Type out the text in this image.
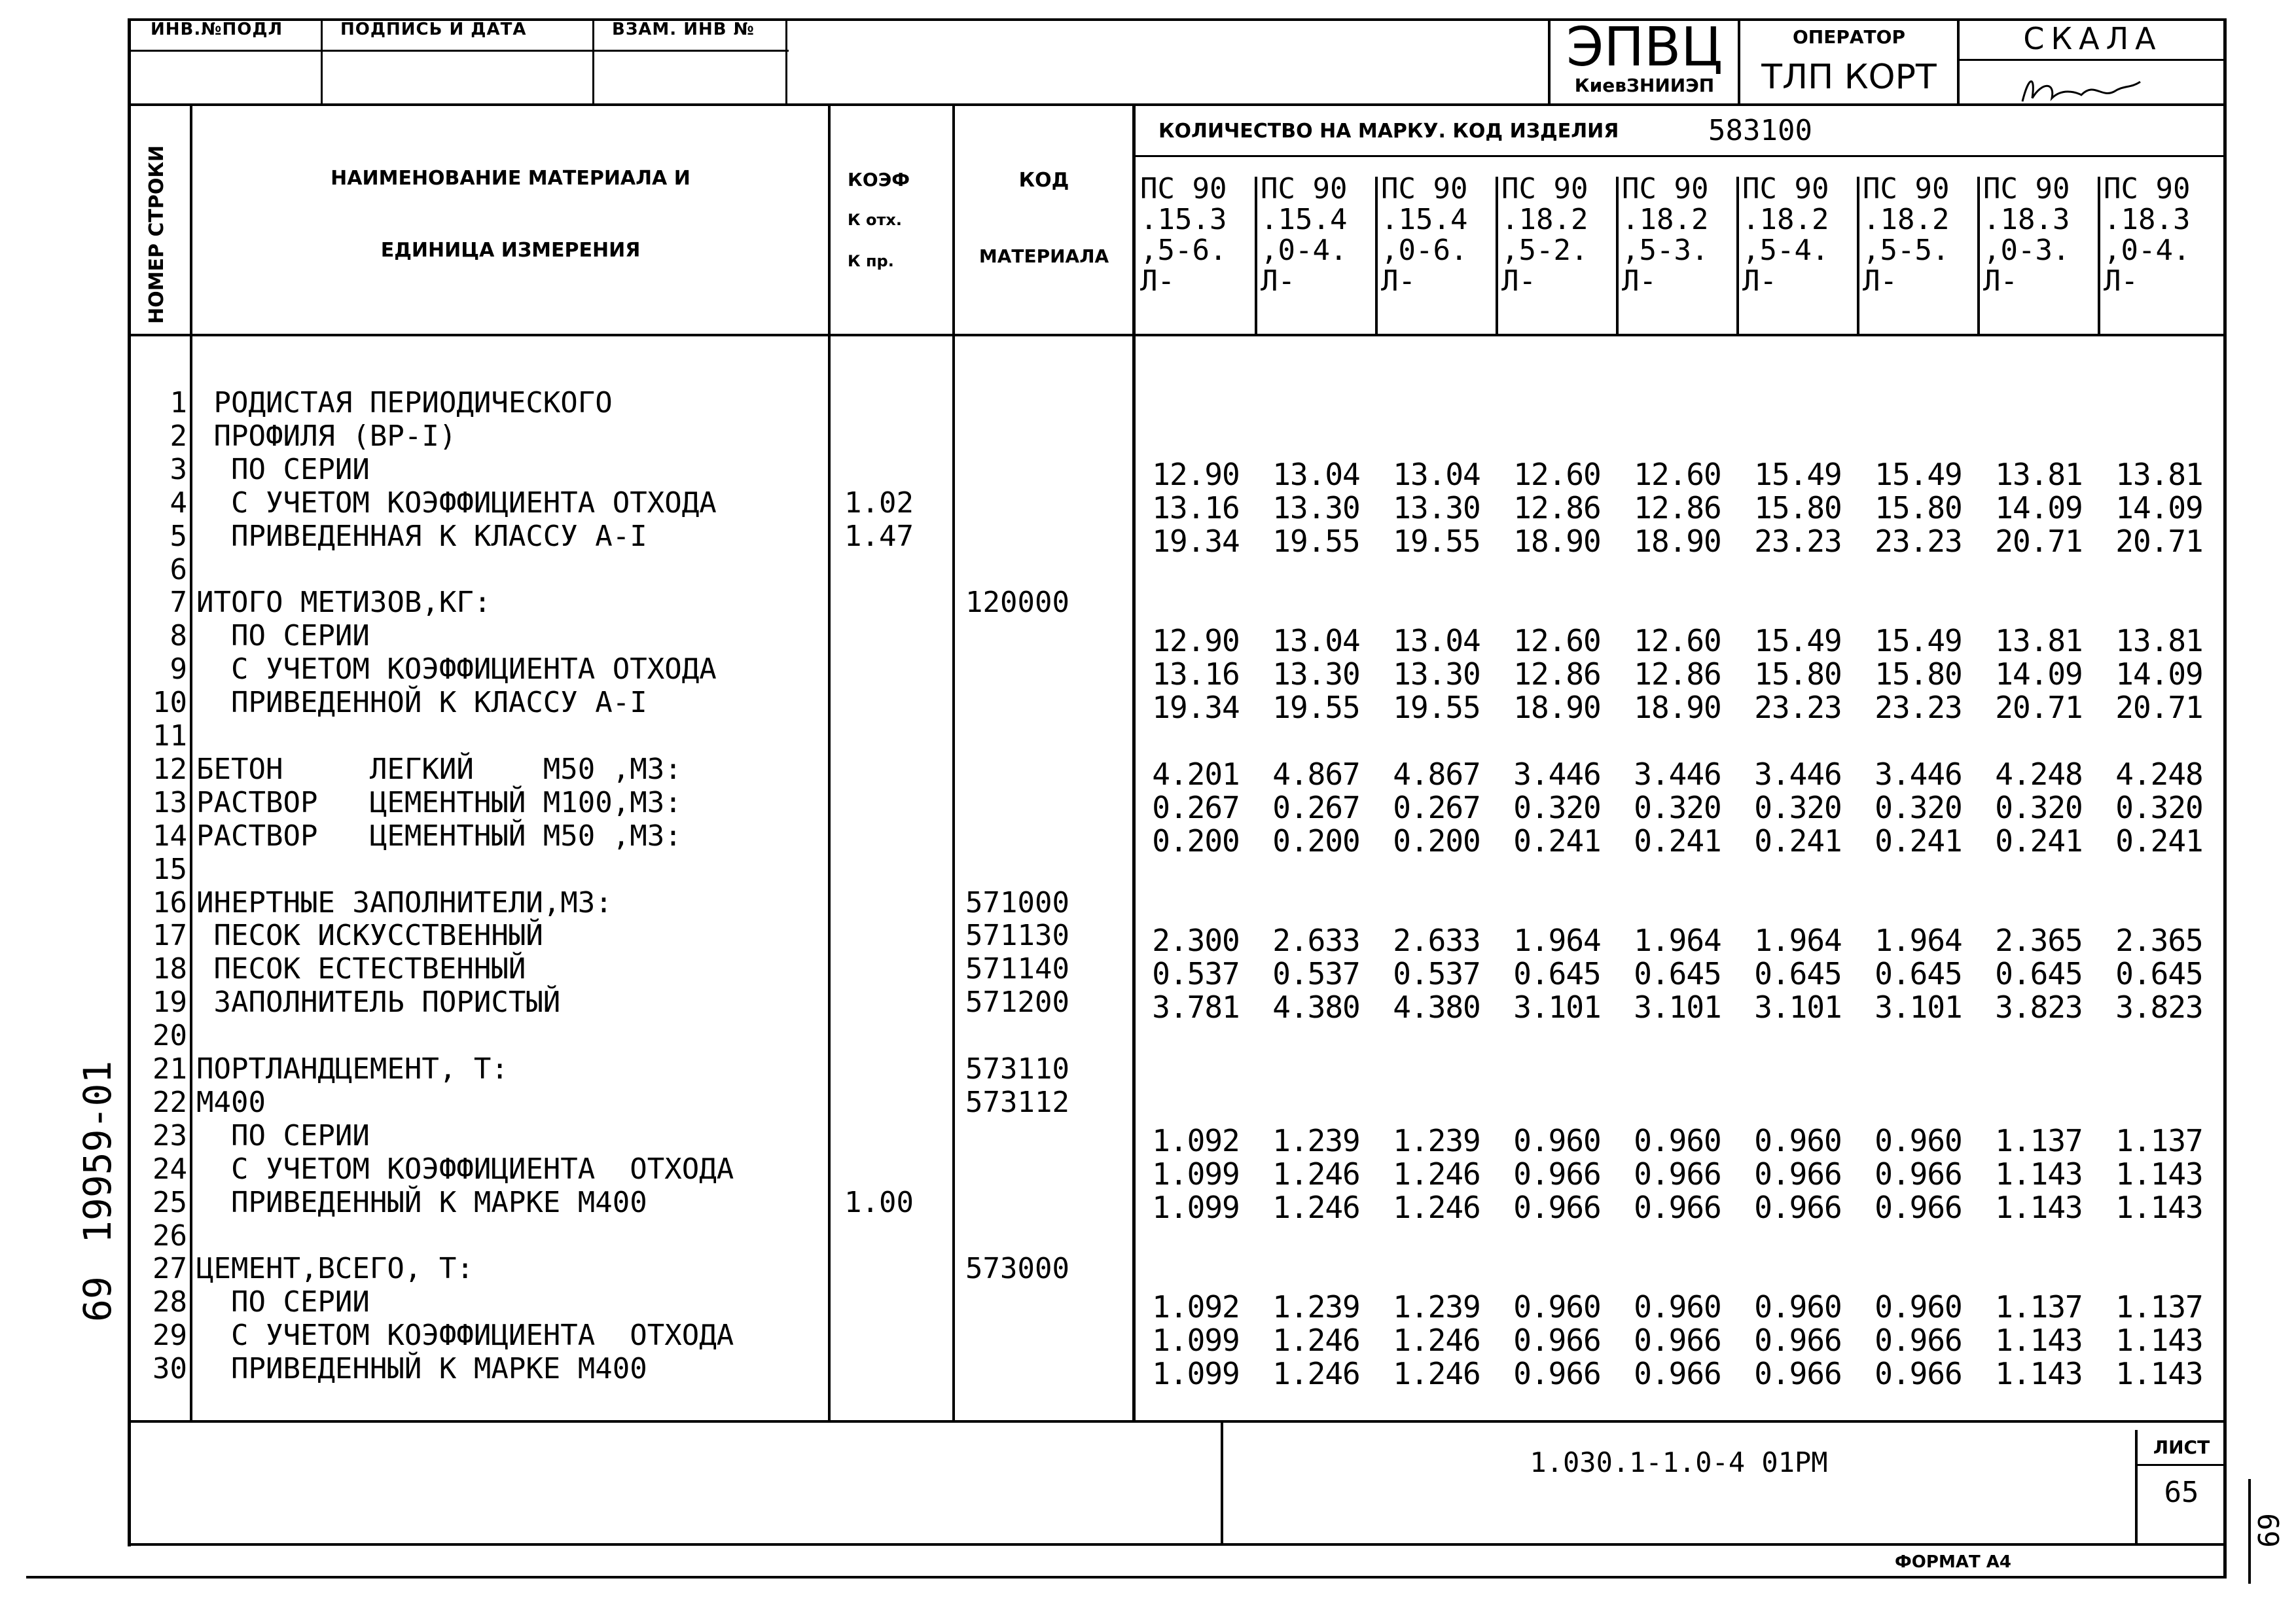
ИНВ.№ПОДЛ	ПОДПИСЬ И ДАТА	ВЗАМ. ИНВ №	ЭПВЦ
КиевЗНИИЭП
ОПЕРАТОР
ТЛП КОРТ
СКАЛА
НОМЕР СТРОКИ	НАИМЕНОВАНИЕ МАТЕРИАЛА И
ЕДИНИЦА ИЗМЕРЕНИЯ
КОЭФ
К отх.
К пр.
КОД
МАТЕРИАЛА
КОЛИЧЕСТВО НА МАРКУ. КОД ИЗДЕЛИЯ	583100
ПС 90
.15.3
,5-6.
Л-
ПС 90
.15.4
,0-4.
Л-
ПС 90
.15.4
,0-6.
Л-
ПС 90
.18.2
,5-2.
Л-
ПС 90
.18.2
,5-3.
Л-
ПС 90
.18.2
,5-4.
Л-
ПС 90
.18.2
,5-5.
Л-
ПС 90
.18.3
,0-3.
Л-
ПС 90
.18.3
,0-4.
Л-
1 РОДИСТАЯ ПЕРИОДИЧЕСКОГО
2 ПРОФИЛЯ (ВР-I)
3 ПО СЕРИИ	12.90	13.04	13.04	12.60	12.60	15.49	15.49	13.81	13.81
4 С УЧЕТОМ КОЭФФИЦИЕНТА ОТХОДА	1.02	13.16	13.30	13.30	12.86	12.86	15.80	15.80	14.09	14.09
5 ПРИВЕДЕННАЯ К КЛАССУ А-I	1.47	19.34	19.55	19.55	18.90	18.90	23.23	23.23	20.71	20.71
6
7 ИТОГО МЕТИЗОВ,КГ:	120000
8 ПО СЕРИИ	12.90	13.04	13.04	12.60	12.60	15.49	15.49	13.81	13.81
9 С УЧЕТОМ КОЭФФИЦИЕНТА ОТХОДА	13.16	13.30	13.30	12.86	12.86	15.80	15.80	14.09	14.09
10 ПРИВЕДЕННОЙ К КЛАССУ А-I	19.34	19.55	19.55	18.90	18.90	23.23	23.23	20.71	20.71
11
12 БЕТОН     ЛЕГКИЙ    М50 ,М3:	4.201	4.867	4.867	3.446	3.446	3.446	3.446	4.248	4.248
13 РАСТВОР   ЦЕМЕНТНЫЙ М100,М3:	0.267	0.267	0.267	0.320	0.320	0.320	0.320	0.320	0.320
14 РАСТВОР   ЦЕМЕНТНЫЙ М50 ,М3:	0.200	0.200	0.200	0.241	0.241	0.241	0.241	0.241	0.241
15
16 ИНЕРТНЫЕ ЗАПОЛНИТЕЛИ,М3:	571000
17 ПЕСОК ИСКУССТВЕННЫЙ	571130	2.300	2.633	2.633	1.964	1.964	1.964	1.964	2.365	2.365
18 ПЕСОК ЕСТЕСТВЕННЫЙ	571140	0.537	0.537	0.537	0.645	0.645	0.645	0.645	0.645	0.645
19 ЗАПОЛНИТЕЛЬ ПОРИСТЫЙ	571200	3.781	4.380	4.380	3.101	3.101	3.101	3.101	3.823	3.823
20
21 ПОРТЛАНДЦЕМЕНТ, Т:	573110
22 М400	573112
23 ПО СЕРИИ	1.092	1.239	1.239	0.960	0.960	0.960	0.960	1.137	1.137
24 С УЧЕТОМ КОЭФФИЦИЕНТА  ОТХОДА	1.099	1.246	1.246	0.966	0.966	0.966	0.966	1.143	1.143
25 ПРИВЕДЕННЫЙ К МАРКЕ М400	1.00	1.099	1.246	1.246	0.966	0.966	0.966	0.966	1.143	1.143
26
27 ЦЕМЕНТ,ВСЕГО, Т:	573000
28 ПО СЕРИИ	1.092	1.239	1.239	0.960	0.960	0.960	0.960	1.137	1.137
29 С УЧЕТОМ КОЭФФИЦИЕНТА  ОТХОДА	1.099	1.246	1.246	0.966	0.966	0.966	0.966	1.143	1.143
30 ПРИВЕДЕННЫЙ К МАРКЕ М400	1.099	1.246	1.246	0.966	0.966	0.966	0.966	1.143	1.143
1.030.1-1.0-4 01РМ	ЛИСТ
65
ФОРМАТ А4
19959-01
69
69
